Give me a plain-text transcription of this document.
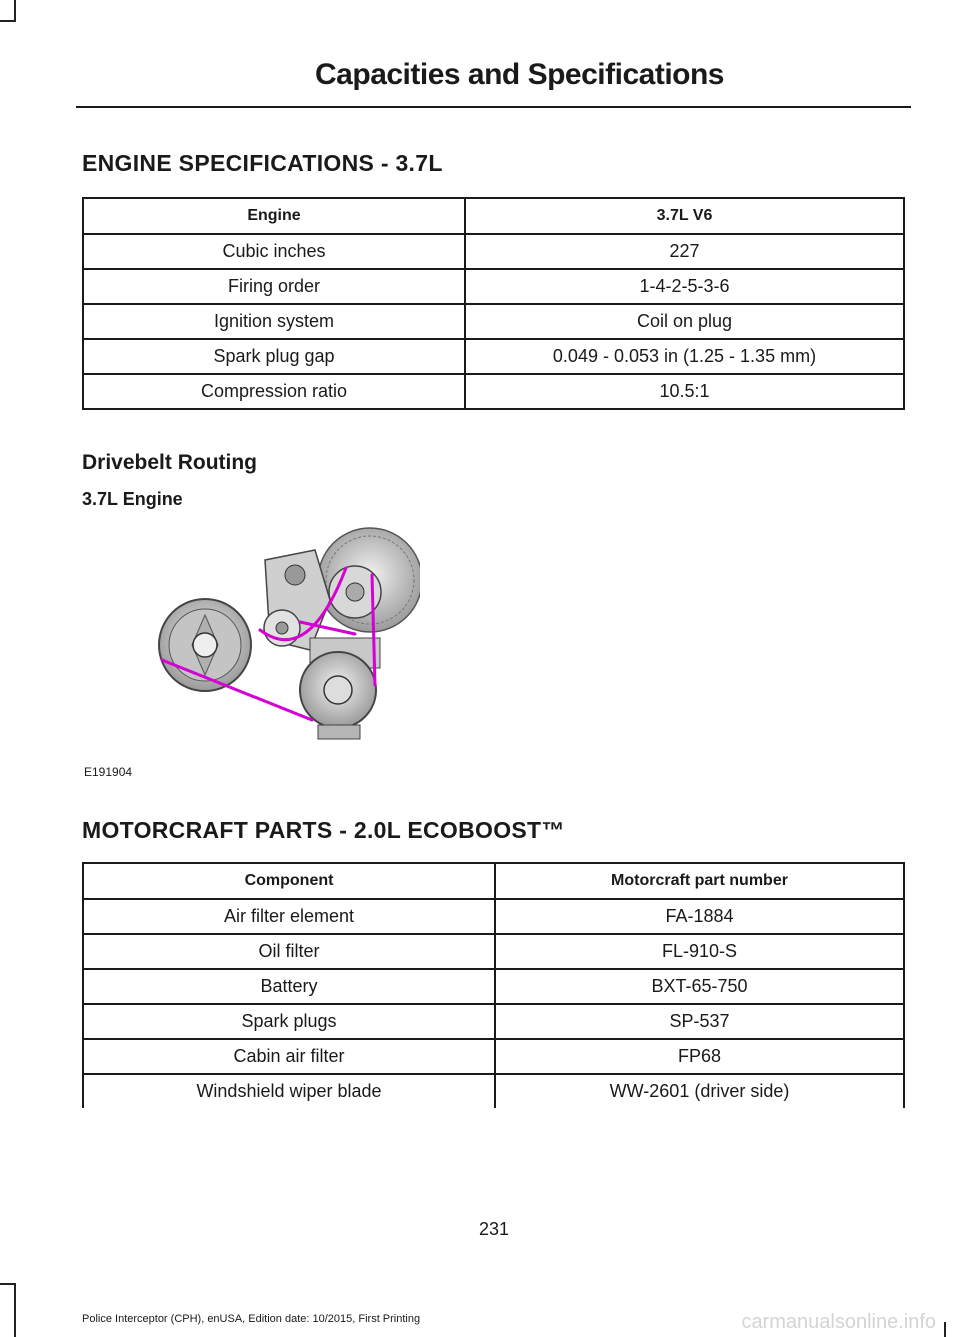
Capacities and Specifications
ENGINE SPECIFICATIONS - 3.7L
Engine	3.7L V6
Cubic inches	227
Firing order	1-4-2-5-3-6
Ignition system	Coil on plug
Spark plug gap	0.049 - 0.053 in (1.25 - 1.35 mm)
Compression ratio	10.5:1
Drivebelt Routing
3.7L Engine
E191904
MOTORCRAFT PARTS - 2.0L ECOBOOST™
Component	Motorcraft part number
Air filter element	FA-1884
Oil filter	FL-910-S
Battery	BXT-65-750
Spark plugs	SP-537
Cabin air filter	FP68
Windshield wiper blade	WW-2601 (driver side)
231
Police Interceptor (CPH), enUSA, Edition date: 10/2015, First Printing	carmanualsonline.info
